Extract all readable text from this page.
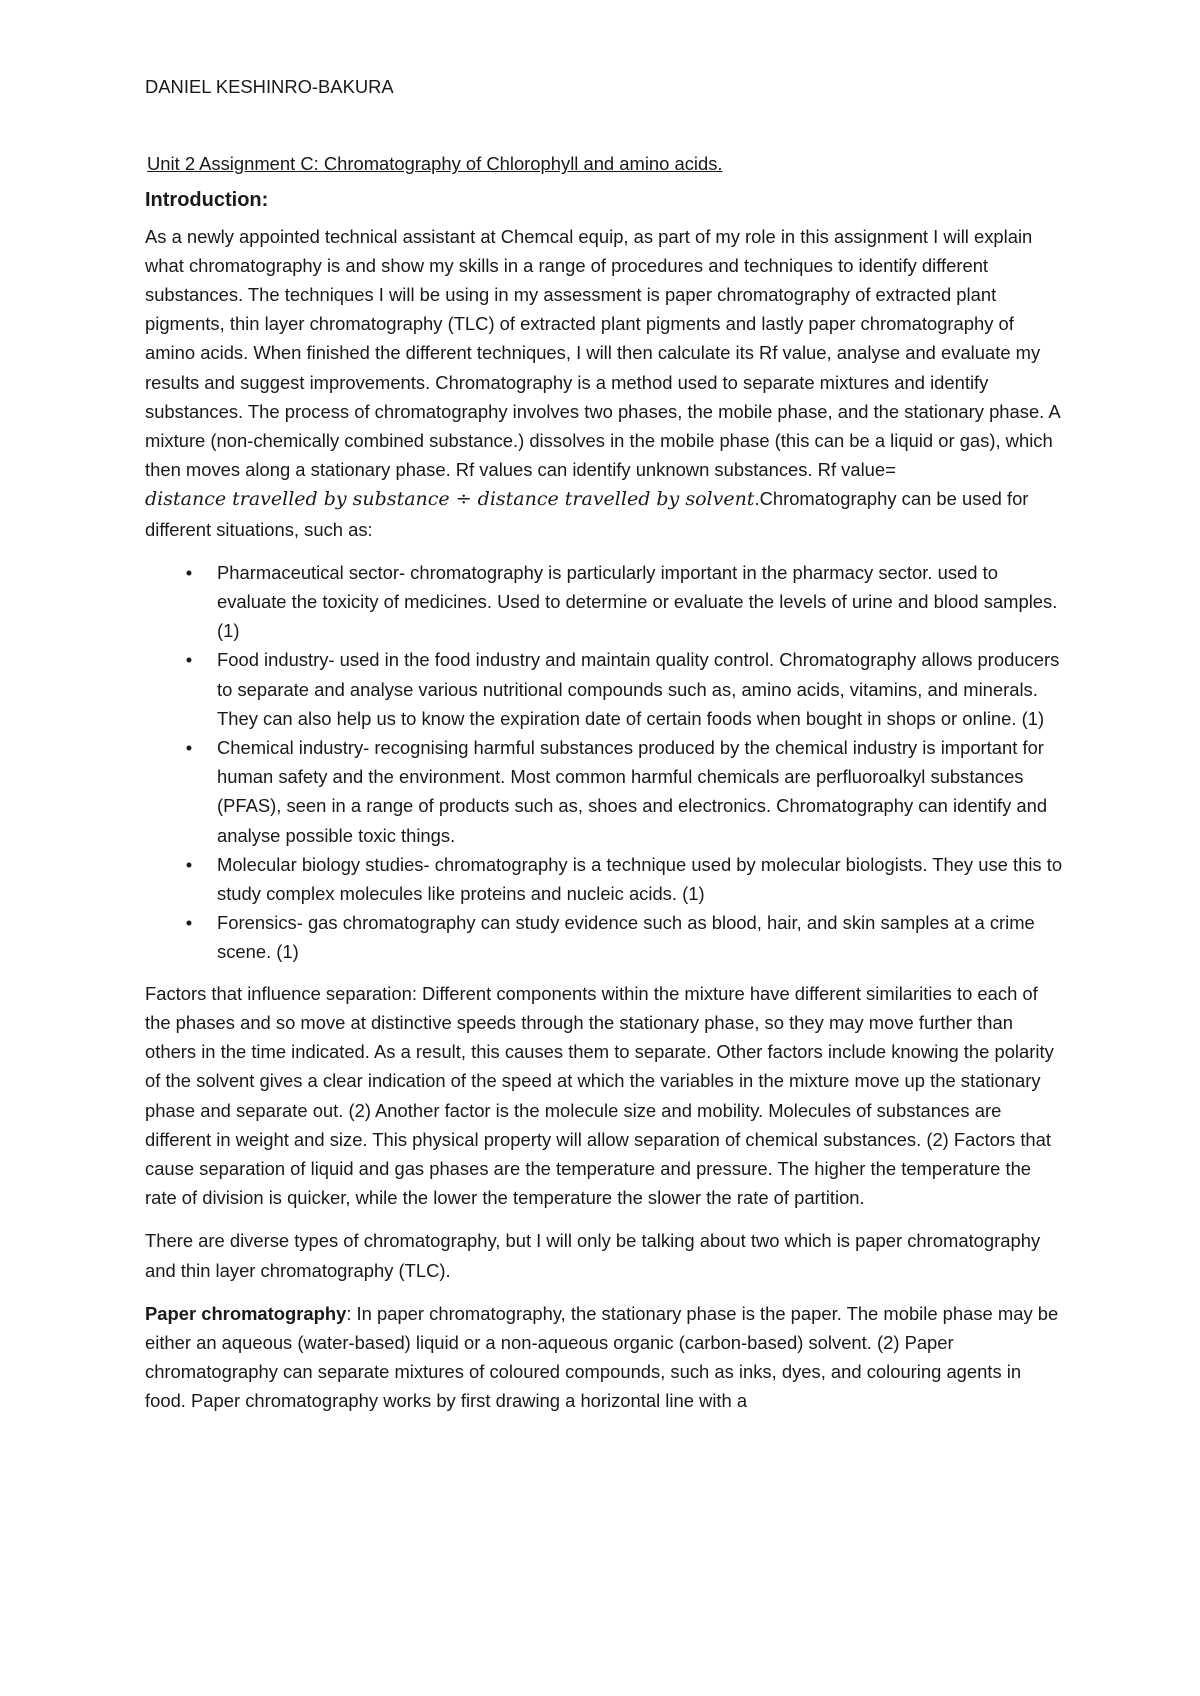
DANIEL KESHINRO-BAKURA
Unit 2 Assignment C: Chromatography of Chlorophyll and amino acids.
Introduction:

As a newly appointed technical assistant at Chemcal equip, as part of my role in this assignment I will explain what chromatography is and show my skills in a range of procedures and techniques to identify different substances. The techniques I will be using in my assessment is paper chromatography of extracted plant pigments, thin layer chromatography (TLC) of extracted plant pigments and lastly paper chromatography of amino acids. When finished the different techniques, I will then calculate its Rf value, analyse and evaluate my results and suggest improvements. Chromatography is a method used to separate mixtures and identify substances. The process of chromatography involves two phases, the mobile phase, and the stationary phase. A mixture (non-chemically combined substance.) dissolves in the mobile phase (this can be a liquid or gas), which then moves along a stationary phase. Rf values can identify unknown substances. Rf value=
distance travelled by substance ÷ distance travelled by solvent.Chromatography can be used for different situations, such as:

•	Pharmaceutical sector- chromatography is particularly important in the pharmacy sector. used to evaluate the toxicity of medicines. Used to determine or evaluate the levels of urine and blood samples. (1)
•	Food industry- used in the food industry and maintain quality control. Chromatography allows producers to separate and analyse various nutritional compounds such as, amino acids, vitamins, and minerals. They can also help us to know the expiration date of certain foods when bought in shops or online. (1)
•	Chemical industry- recognising harmful substances produced by the chemical industry is important for human safety and the environment. Most common harmful chemicals are perfluoroalkyl substances (PFAS), seen in a range of products such as, shoes and electronics. Chromatography can identify and analyse possible toxic things.
•	Molecular biology studies- chromatography is a technique used by molecular biologists. They use this to study complex molecules like proteins and nucleic acids. (1)
•	Forensics- gas chromatography can study evidence such as blood, hair, and skin samples at a crime scene. (1)

Factors that influence separation: Different components within the mixture have different similarities to each of the phases and so move at distinctive speeds through the stationary phase, so they may move further than others in the time indicated. As a result, this causes them to separate. Other factors include knowing the polarity of the solvent gives a clear indication of the speed at which the variables in the mixture move up the stationary phase and separate out. (2) Another factor is the molecule size and mobility. Molecules of substances are different in weight and size. This physical property will allow separation of chemical substances. (2) Factors that cause separation of liquid and gas phases are the temperature and pressure. The higher the temperature the rate of division is quicker, while the lower the temperature the slower the rate of partition.

There are diverse types of chromatography, but I will only be talking about two which is paper chromatography and thin layer chromatography (TLC).

Paper chromatography: In paper chromatography, the stationary phase is the paper. The mobile phase may be either an aqueous (water-based) liquid or a non-aqueous organic (carbon-based) solvent. (2) Paper chromatography can separate mixtures of coloured compounds, such as inks, dyes, and colouring agents in food. Paper chromatography works by first drawing a horizontal line with a
